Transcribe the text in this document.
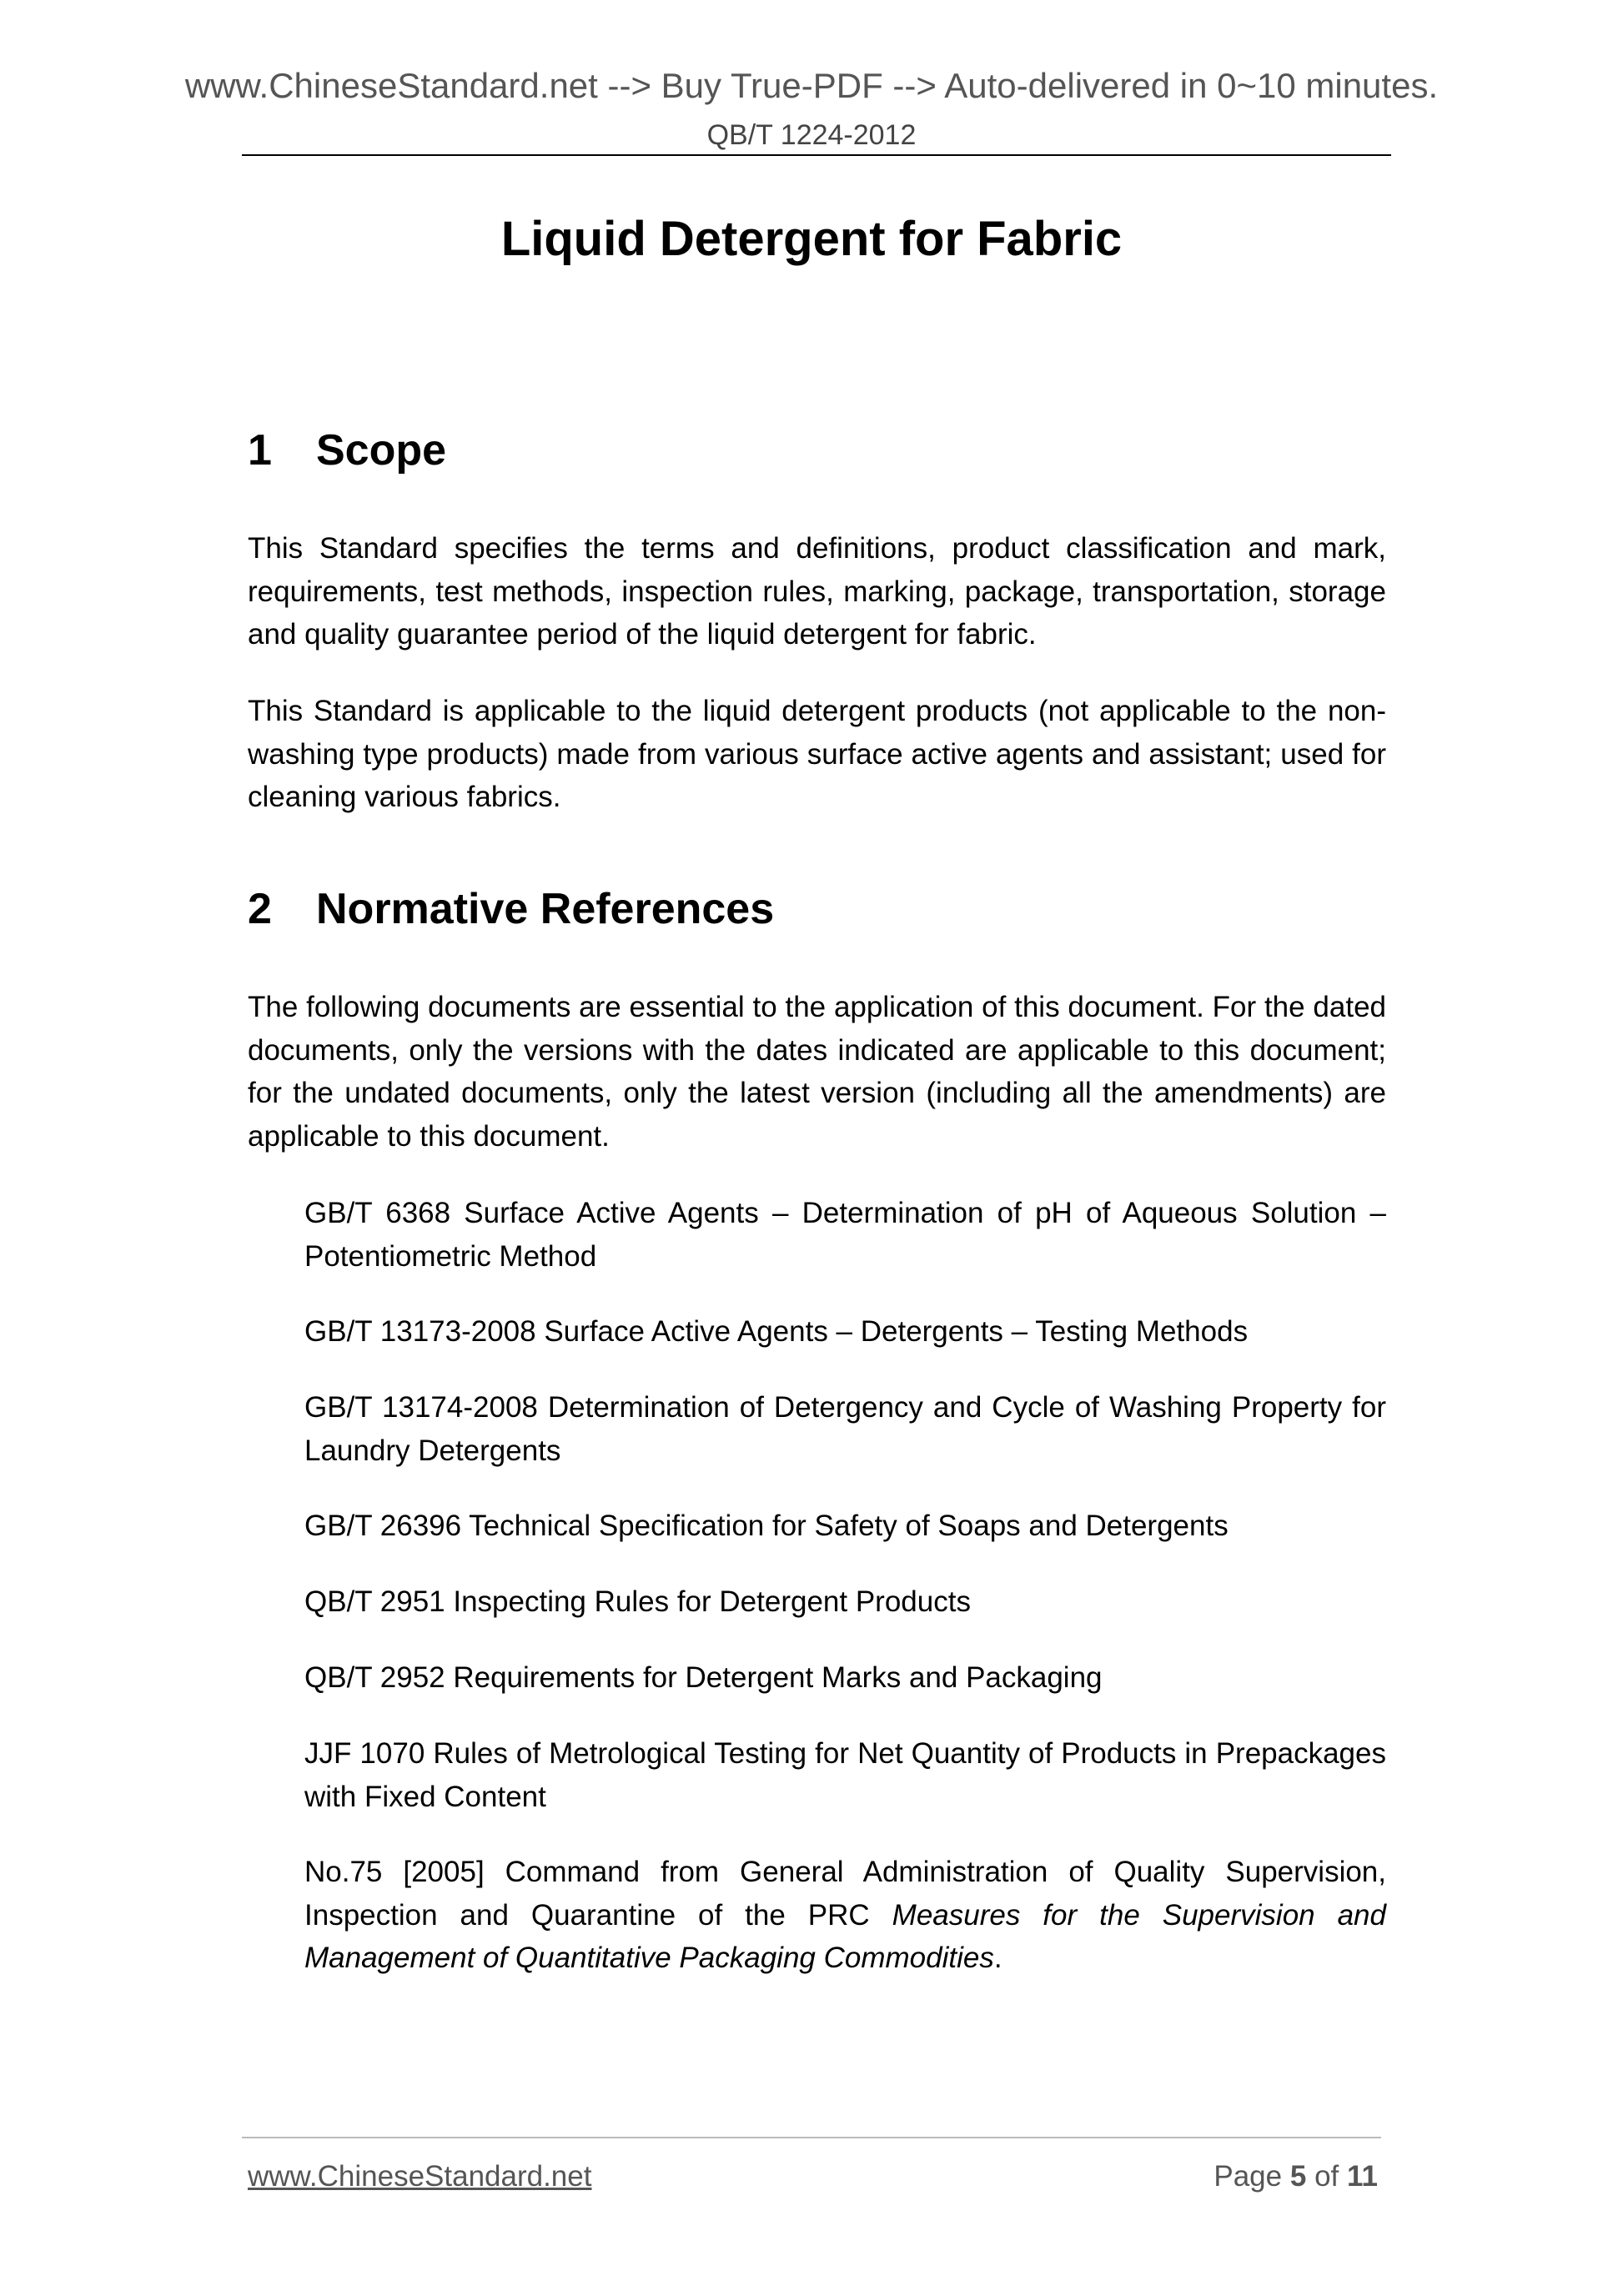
www.ChineseStandard.net --> Buy True-PDF --> Auto-delivered in 0~10 minutes.
QB/T 1224-2012
Liquid Detergent for Fabric
1 Scope

This Standard specifies the terms and definitions, product classification and mark, requirements, test methods, inspection rules, marking, package, transportation, storage and quality guarantee period of the liquid detergent for fabric.

This Standard is applicable to the liquid detergent products (not applicable to the non-washing type products) made from various surface active agents and assistant; used for cleaning various fabrics.

2 Normative References

The following documents are essential to the application of this document. For the dated documents, only the versions with the dates indicated are applicable to this document; for the undated documents, only the latest version (including all the amendments) are applicable to this document.

GB/T 6368 Surface Active Agents – Determination of pH of Aqueous Solution – Potentiometric Method

GB/T 13173-2008 Surface Active Agents – Detergents – Testing Methods

GB/T 13174-2008 Determination of Detergency and Cycle of Washing Property for Laundry Detergents

GB/T 26396 Technical Specification for Safety of Soaps and Detergents

QB/T 2951 Inspecting Rules for Detergent Products

QB/T 2952 Requirements for Detergent Marks and Packaging

JJF 1070 Rules of Metrological Testing for Net Quantity of Products in Prepackages with Fixed Content

No.75 [2005] Command from General Administration of Quality Supervision, Inspection and Quarantine of the PRC Measures for the Supervision and Management of Quantitative Packaging Commodities.

www.ChineseStandard.net	Page 5 of 11
